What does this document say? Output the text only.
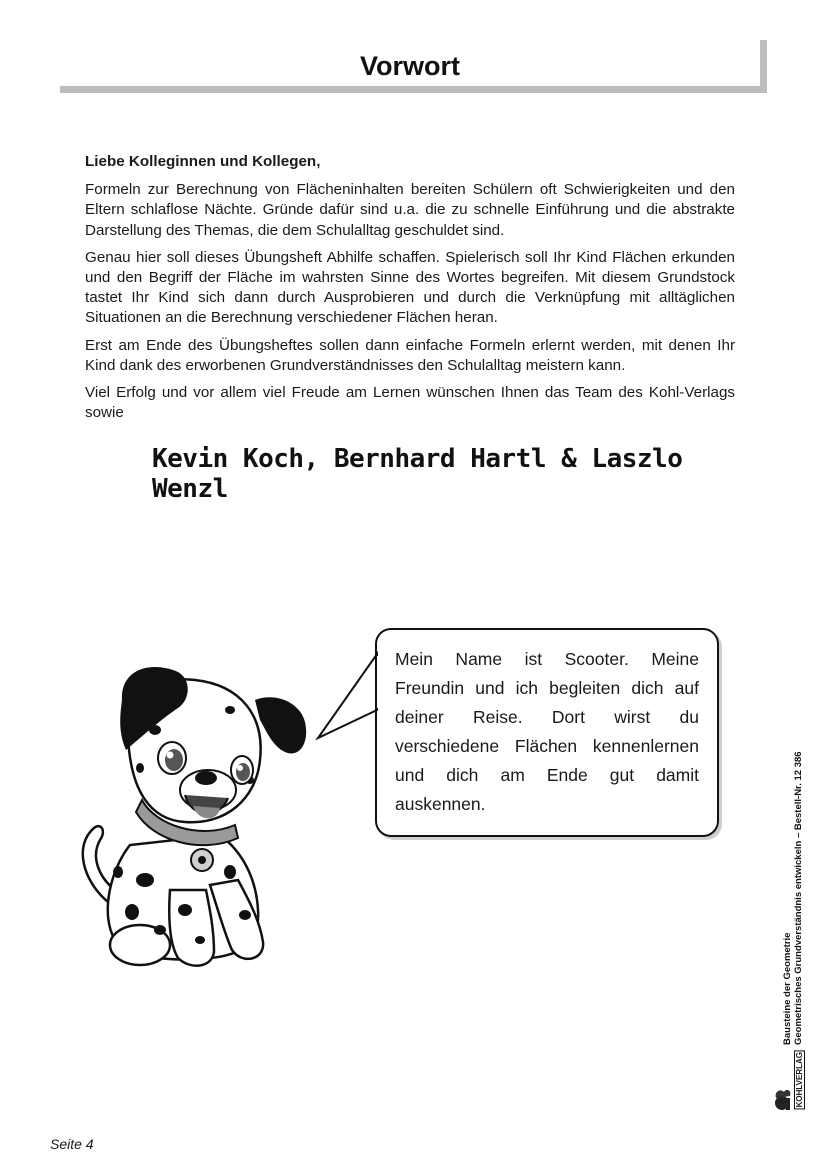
Vorwort

Liebe Kolleginnen und Kollegen,

Formeln zur Berechnung von Flächeninhalten bereiten Schülern oft Schwierigkeiten und den Eltern schlaflose Nächte. Gründe dafür sind u.a. die zu schnelle Einführung und die abstrakte Darstellung des Themas, die dem Schulalltag geschuldet sind.

Genau hier soll dieses Übungsheft Abhilfe schaffen. Spielerisch soll Ihr Kind Flächen erkunden und den Begriff der Fläche im wahrsten Sinne des Wortes begreifen. Mit diesem Grundstock tastet Ihr Kind sich dann durch Ausprobieren und durch die Verknüpfung mit alltäglichen Situationen an die Berechnung verschiedener Flächen heran.

Erst am Ende des Übungsheftes sollen dann einfache Formeln erlernt werden, mit denen Ihr Kind dank des erworbenen Grundverständnisses den Schulalltag meistern kann.

Viel Erfolg und vor allem viel Freude am Lernen wünschen Ihnen das Team des Kohl-Verlags sowie

Kevin Koch, Bernhard Hartl & Laszlo Wenzl
Mein Name ist Scooter. Meine Freundin und ich begleiten dich auf deiner Reise. Dort wirst du verschiedene Flächen kennenlernen und dich am Ende gut damit auskennen.
Bausteine der Geometrie Geometrisches Grundverständnis entwickeln – Bestell-Nr. 12 386
KOHLVERLAG
Seite 4
